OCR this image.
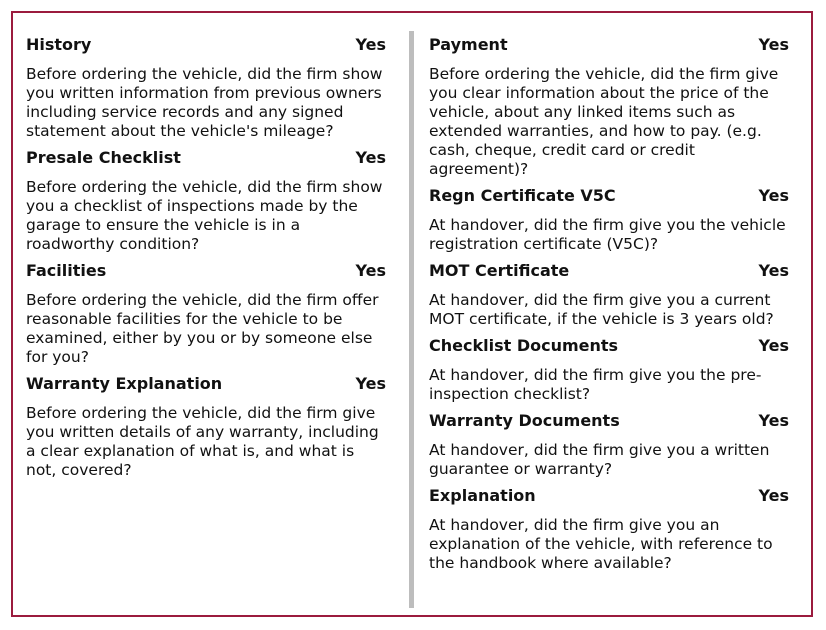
History	Yes

Before ordering the vehicle, did the firm show you written information from previous owners including service records and any signed statement about the vehicle's mileage?

Presale Checklist	Yes

Before ordering the vehicle, did the firm show you a checklist of inspections made by the garage to ensure the vehicle is in a roadworthy condition?

Facilities	Yes

Before ordering the vehicle, did the firm offer reasonable facilities for the vehicle to be examined, either by you or by someone else for you?

Warranty Explanation	Yes

Before ordering the vehicle, did the firm give you written details of any warranty, including a clear explanation of what is, and what is not, covered?

Payment	Yes

Before ordering the vehicle, did the firm give you clear information about the price of the vehicle, about any linked items such as extended warranties, and how to pay. (e.g. cash, cheque, credit card or credit agreement)?

Regn Certificate V5C	Yes

At handover, did the firm give you the vehicle registration certificate (V5C)?

MOT Certificate	Yes

At handover, did the firm give you a current MOT certificate, if the vehicle is 3 years old?

Checklist Documents	Yes

At handover, did the firm give you the pre-inspection checklist?

Warranty Documents	Yes

At handover, did the firm give you a written guarantee or warranty?

Explanation	Yes

At handover, did the firm give you an explanation of the vehicle, with reference to the handbook where available?
